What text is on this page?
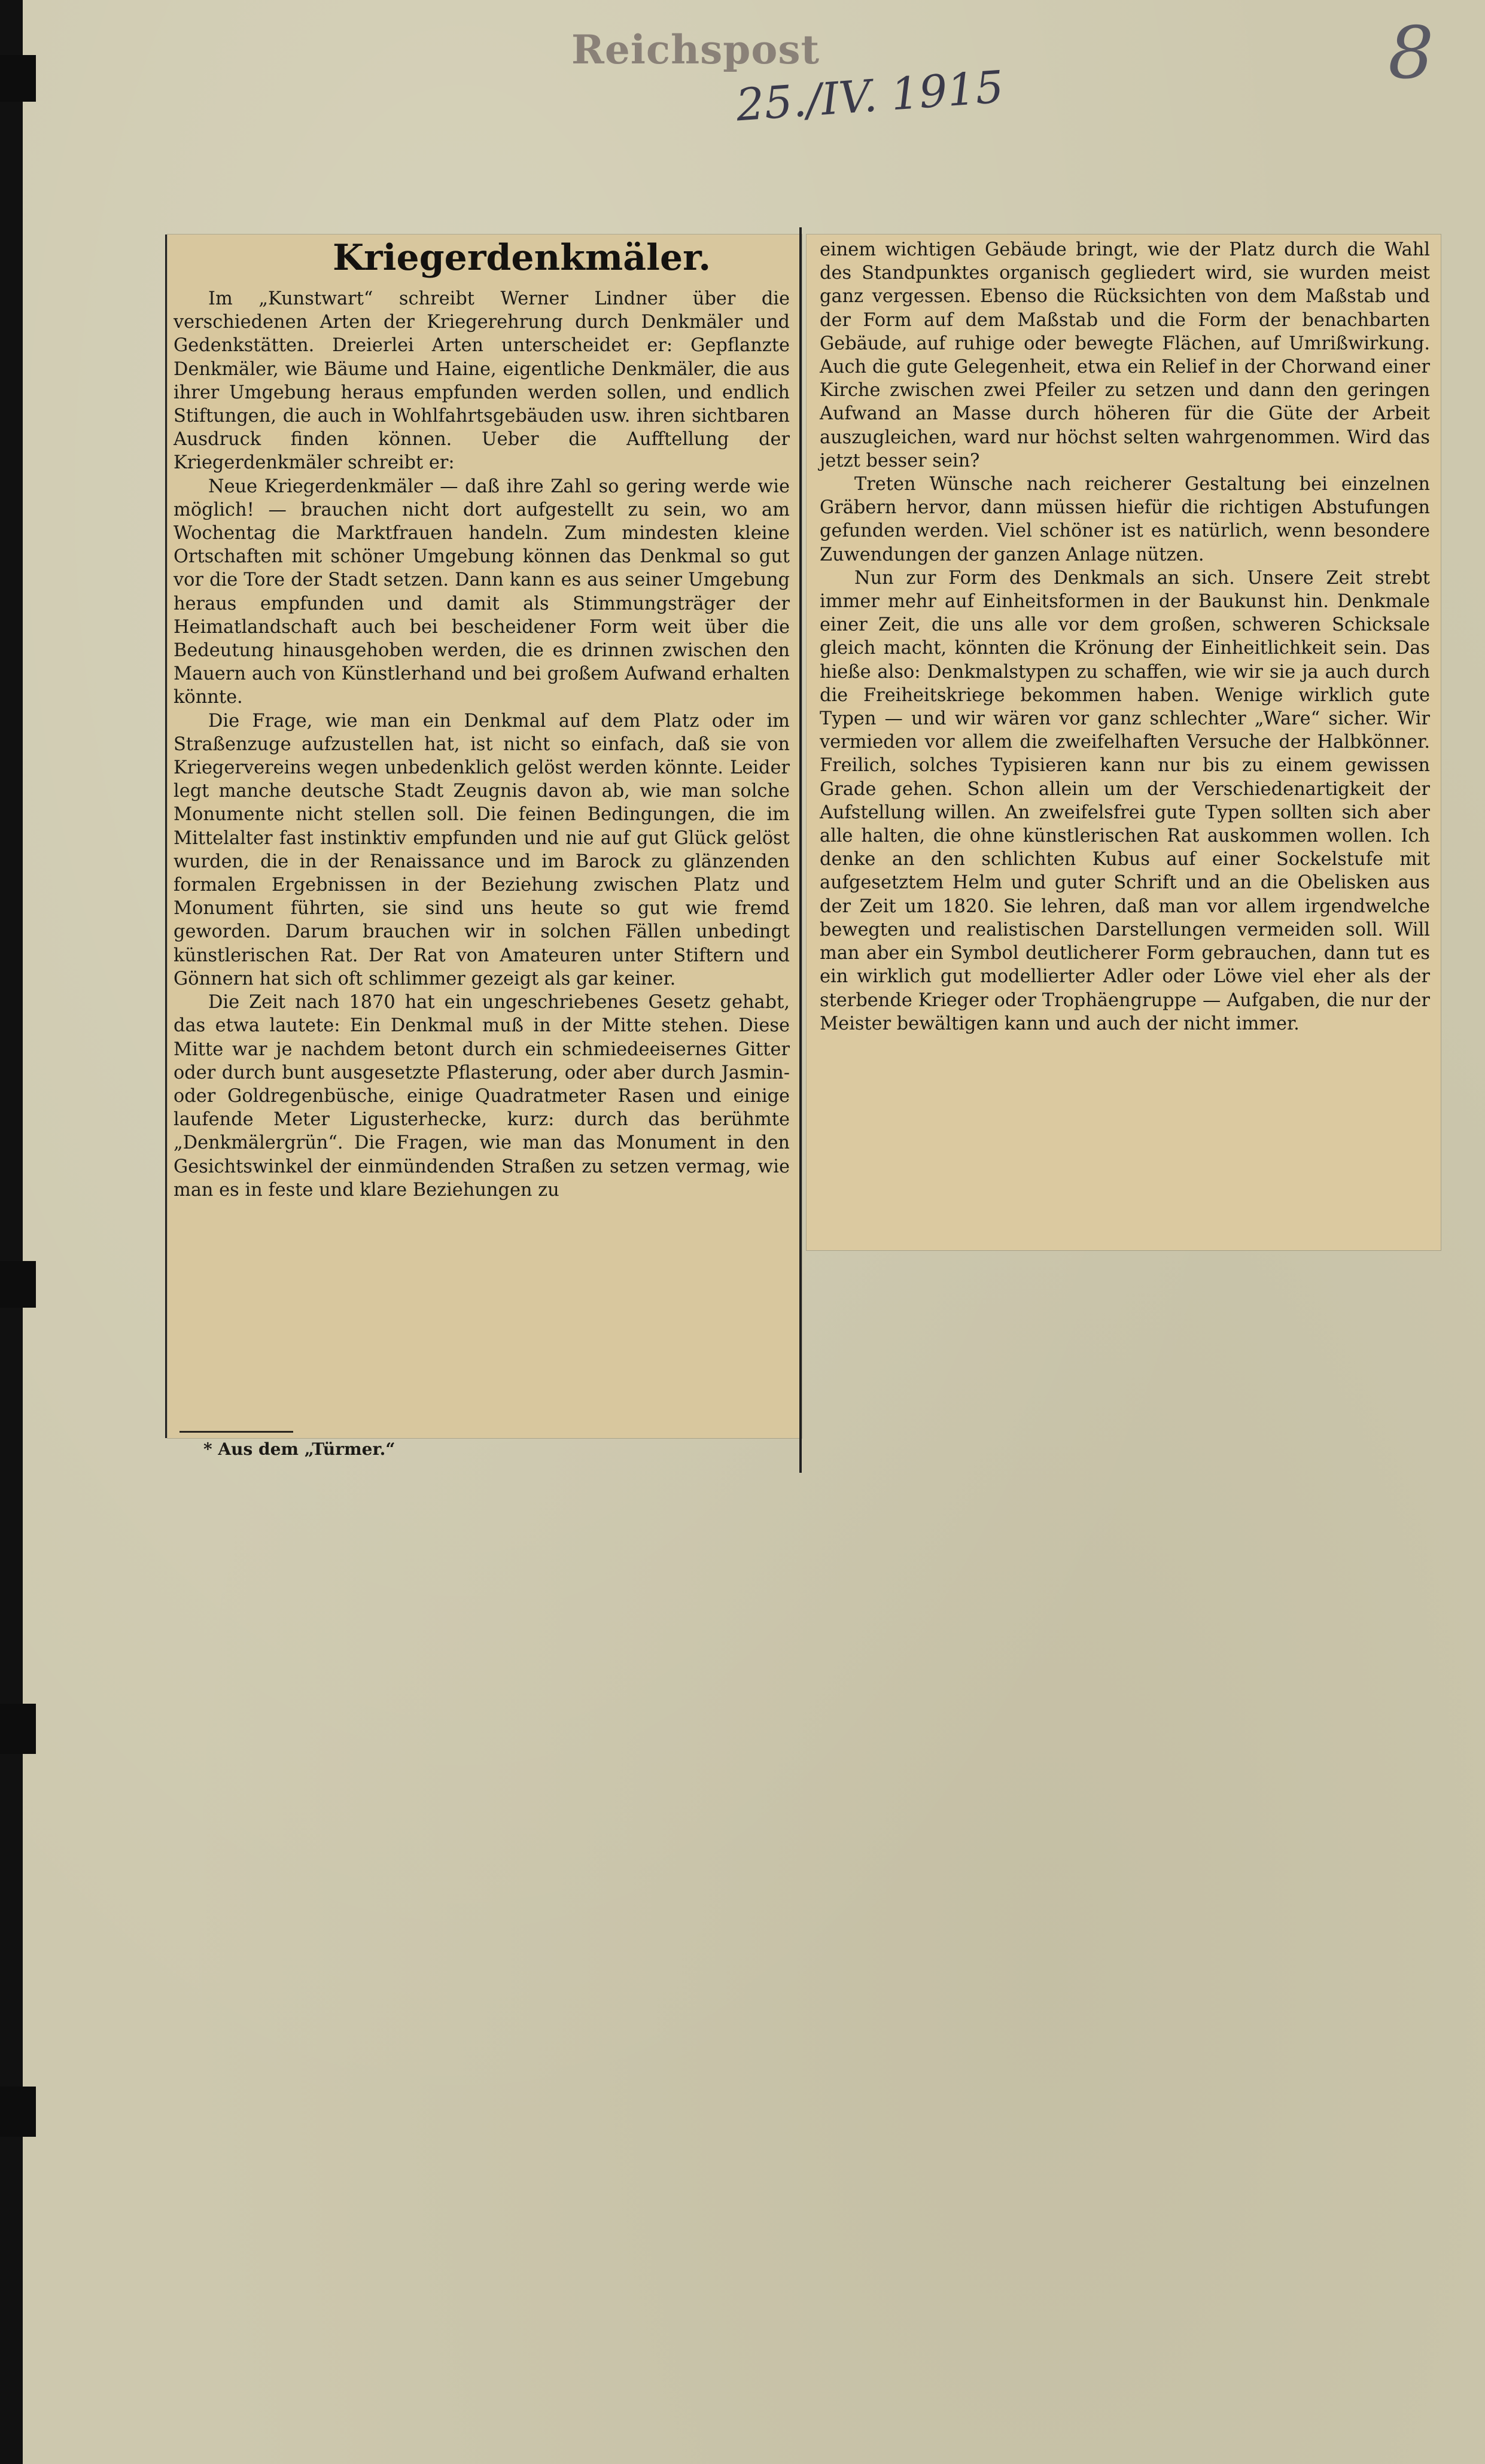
Reichspost
25./IV. 1915
8
Kriegerdenkmäler.

Im „Kunstwart“ schreibt Werner Lindner über die verschiedenen Arten der Kriegerehrung durch Denkmäler und Gedenkstätten. Dreierlei Arten unterscheidet er: Gepflanzte Denkmäler, wie Bäume und Haine, eigentliche Denkmäler, die aus ihrer Umgebung heraus empfunden werden sollen, und endlich Stiftungen, die auch in Wohlfahrtsgebäuden usw. ihren sichtbaren Ausdruck finden können. Ueber die Aufftellung der Kriegerdenkmäler schreibt er:

Neue Kriegerdenkmäler — daß ihre Zahl so gering werde wie möglich! — brauchen nicht dort aufgestellt zu sein, wo am Wochentag die Marktfrauen handeln. Zum mindesten kleine Ortschaften mit schöner Umgebung können das Denkmal so gut vor die Tore der Stadt setzen. Dann kann es aus seiner Umgebung heraus empfunden und damit als Stimmungsträger der Heimatlandschaft auch bei bescheidener Form weit über die Bedeutung hinausgehoben werden, die es drinnen zwischen den Mauern auch von Künstlerhand und bei großem Aufwand erhalten könnte.

Die Frage, wie man ein Denkmal auf dem Platz oder im Straßenzuge aufzustellen hat, ist nicht so einfach, daß sie von Kriegervereins wegen unbedenklich gelöst werden könnte. Leider legt manche deutsche Stadt Zeugnis davon ab, wie man solche Monumente nicht stellen soll. Die feinen Bedingungen, die im Mittelalter fast instinktiv empfunden und nie auf gut Glück gelöst wurden, die in der Renaissance und im Barock zu glänzenden formalen Ergebnissen in der Beziehung zwischen Platz und Monument führten, sie sind uns heute so gut wie fremd geworden. Darum brauchen wir in solchen Fällen unbedingt künstlerischen Rat. Der Rat von Amateuren unter Stiftern und Gönnern hat sich oft schlimmer gezeigt als gar keiner.

Die Zeit nach 1870 hat ein ungeschriebenes Gesetz gehabt, das etwa lautete: Ein Denkmal muß in der Mitte stehen. Diese Mitte war je nachdem betont durch ein schmiedeeisernes Gitter oder durch bunt ausgesetzte Pflasterung, oder aber durch Jasmin- oder Goldregenbüsche, einige Quadratmeter Rasen und einige laufende Meter Ligusterhecke, kurz: durch das berühmte „Denkmälergrün“. Die Fragen, wie man das Monument in den Gesichtswinkel der einmündenden Straßen zu setzen vermag, wie man es in feste und klare Beziehungen zu

einem wichtigen Gebäude bringt, wie der Platz durch die Wahl des Standpunktes organisch gegliedert wird, sie wurden meist ganz vergessen. Ebenso die Rücksichten von dem Maßstab und der Form auf dem Maßstab und die Form der benachbarten Gebäude, auf ruhige oder bewegte Flächen, auf Umrißwirkung. Auch die gute Gelegenheit, etwa ein Relief in der Chorwand einer Kirche zwischen zwei Pfeiler zu setzen und dann den geringen Aufwand an Masse durch höheren für die Güte der Arbeit auszugleichen, ward nur höchst selten wahrgenommen. Wird das jetzt besser sein?

Treten Wünsche nach reicherer Gestaltung bei einzelnen Gräbern hervor, dann müssen hiefür die richtigen Abstufungen gefunden werden. Viel schöner ist es natürlich, wenn besondere Zuwendungen der ganzen Anlage nützen.

Nun zur Form des Denkmals an sich. Unsere Zeit strebt immer mehr auf Einheitsformen in der Baukunst hin. Denkmale einer Zeit, die uns alle vor dem großen, schweren Schicksale gleich macht, könnten die Krönung der Einheitlichkeit sein. Das hieße also: Denkmalstypen zu schaffen, wie wir sie ja auch durch die Freiheitskriege bekommen haben. Wenige wirklich gute Typen — und wir wären vor ganz schlechter „Ware“ sicher. Wir vermieden vor allem die zweifelhaften Versuche der Halbkönner. Freilich, solches Typisieren kann nur bis zu einem gewissen Grade gehen. Schon allein um der Verschiedenartigkeit der Aufstellung willen. An zweifelsfrei gute Typen sollten sich aber alle halten, die ohne künstlerischen Rat auskommen wollen. Ich denke an den schlichten Kubus auf einer Sockelstufe mit aufgesetztem Helm und guter Schrift und an die Obelisken aus der Zeit um 1820. Sie lehren, daß man vor allem irgendwelche bewegten und realistischen Darstellungen vermeiden soll. Will man aber ein Symbol deutlicherer Form gebrauchen, dann tut es ein wirklich gut modellierter Adler oder Löwe viel eher als der sterbende Krieger oder Trophäengruppe — Aufgaben, die nur der Meister bewältigen kann und auch der nicht immer.

* Aus dem „Türmer.“
